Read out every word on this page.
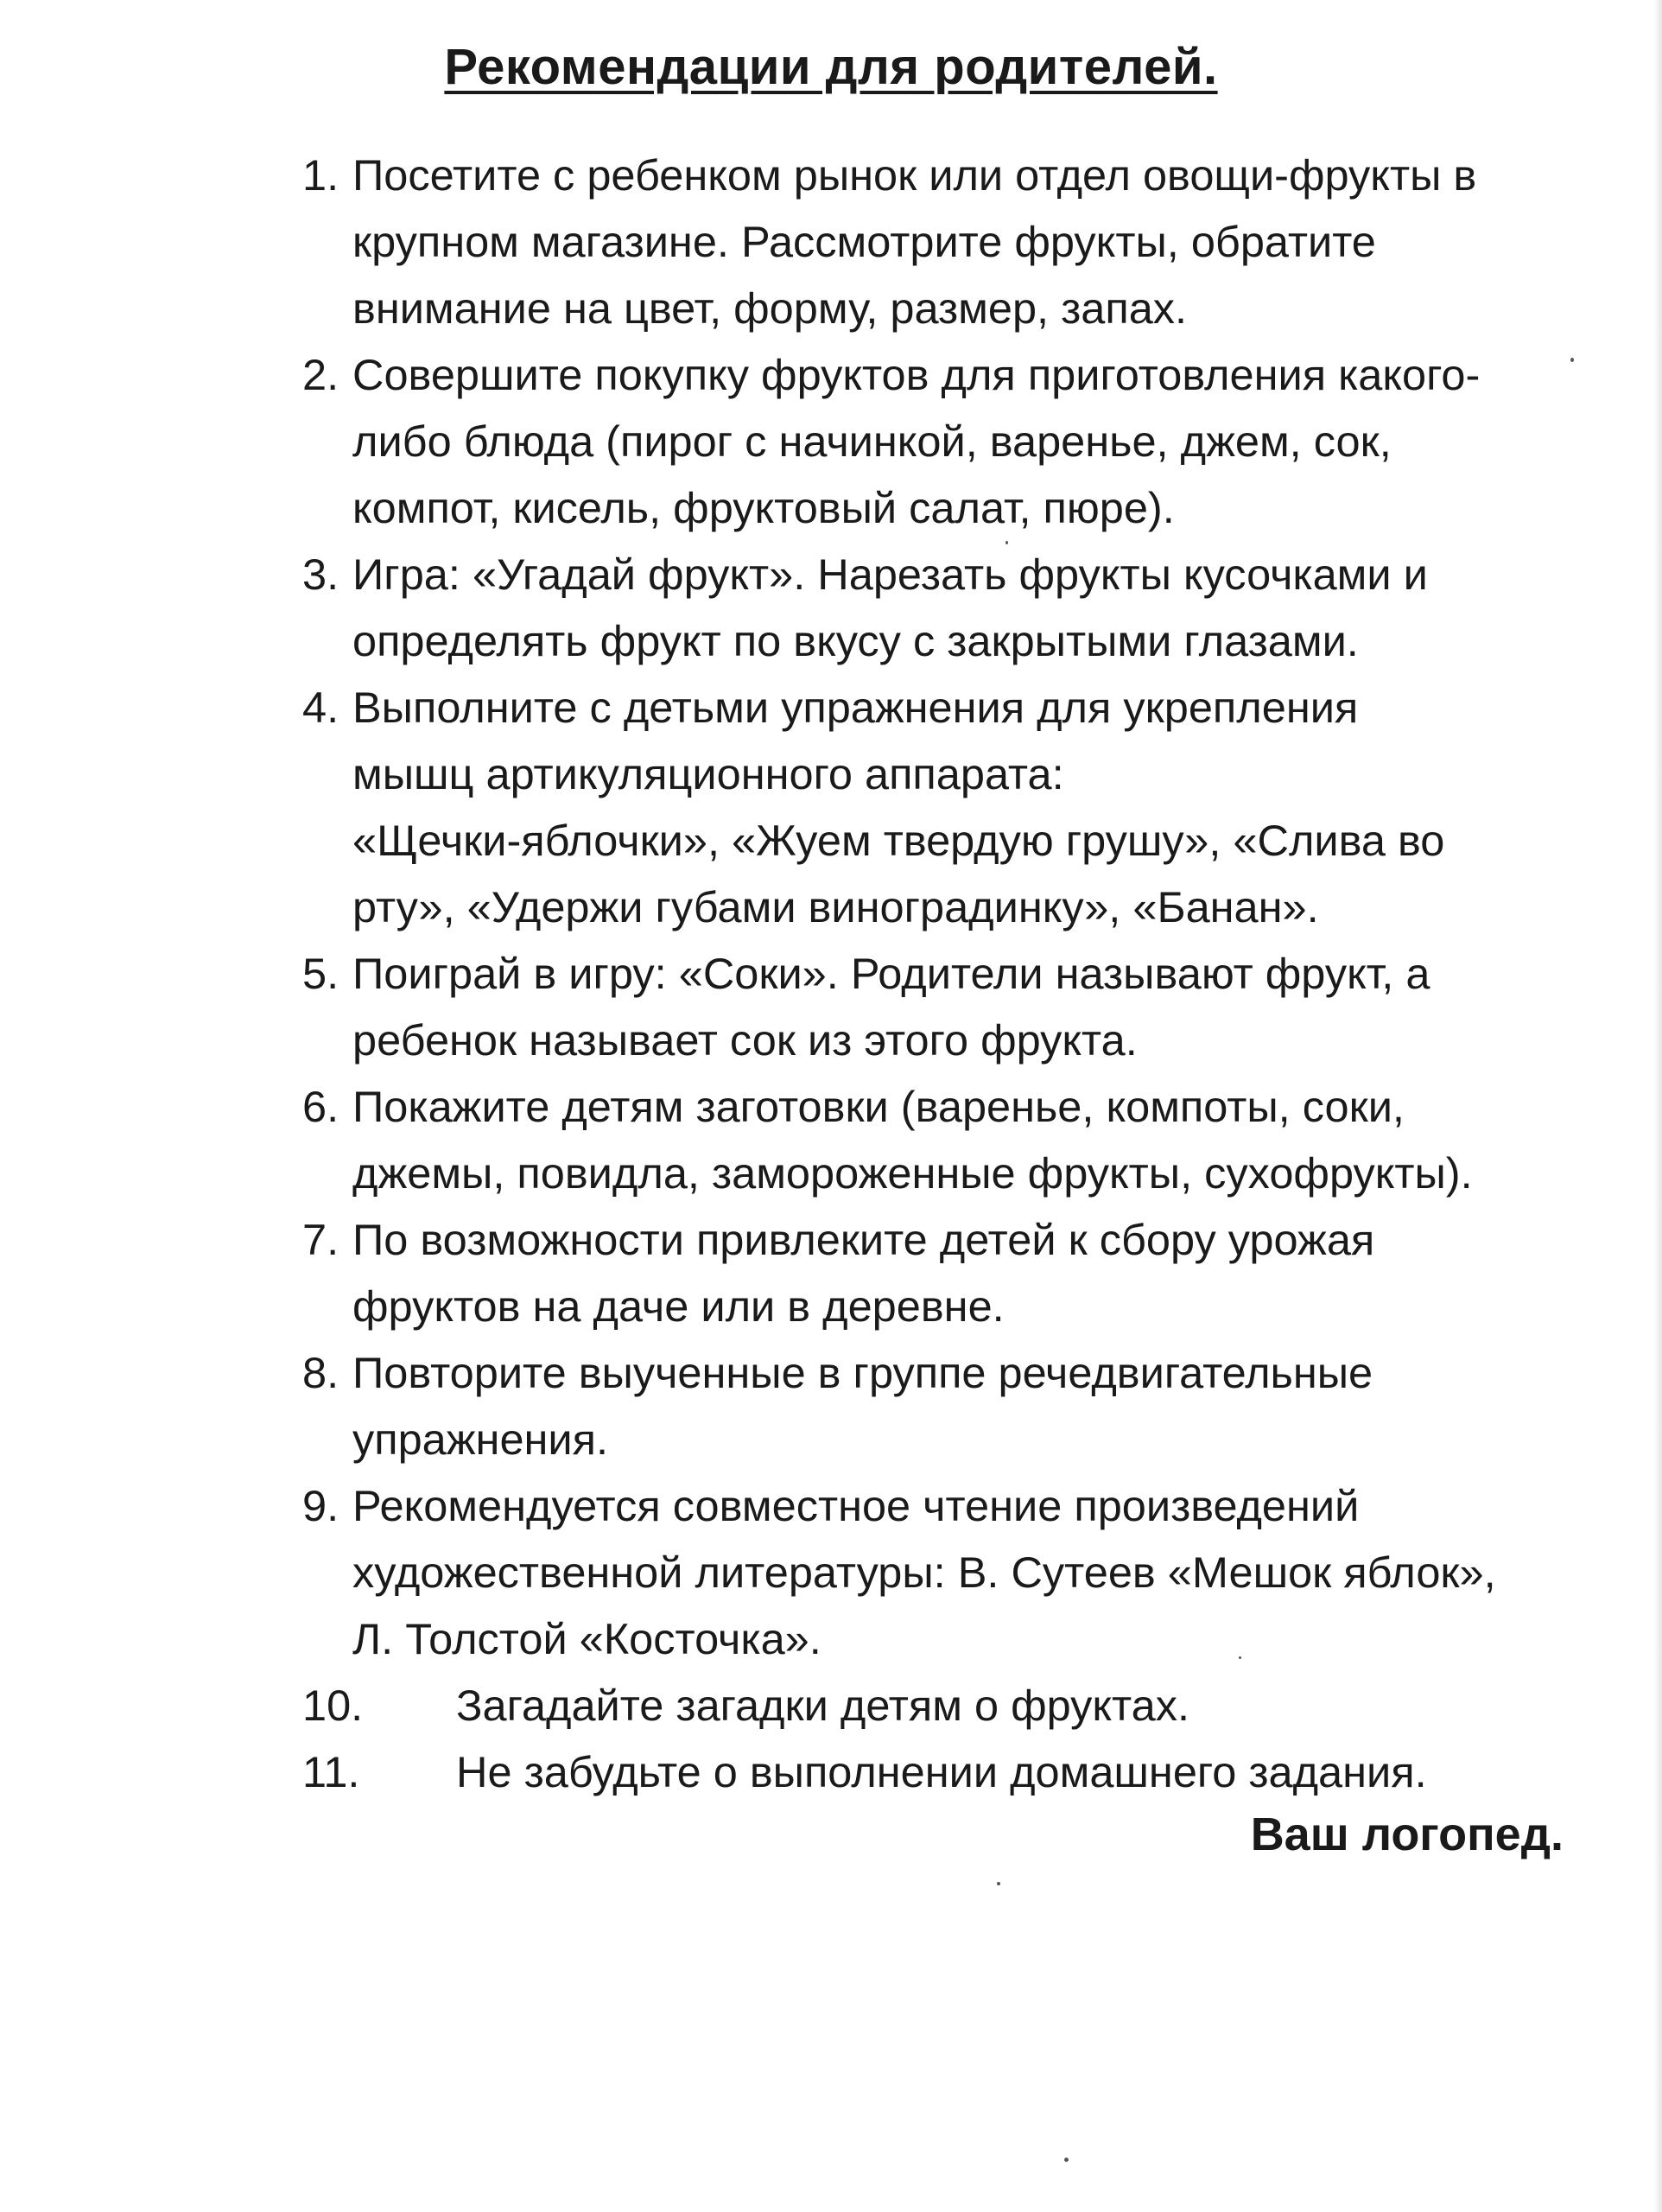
Рекомендации для родителей.
1. Посетите с ребенком рынок или отдел овощи-фрукты в
крупном магазине. Рассмотрите фрукты, обратите
внимание на цвет, форму, размер, запах.
2. Совершите покупку фруктов для приготовления какого-
либо блюда (пирог с начинкой, варенье, джем, сок,
компот, кисель, фруктовый салат, пюре).
3. Игра: «Угадай фрукт». Нарезать фрукты кусочками и
определять фрукт по вкусу с закрытыми глазами.
4. Выполните с детьми упражнения для укрепления
мышц артикуляционного аппарата:
«Щечки-яблочки», «Жуем твердую грушу», «Слива во
рту», «Удержи губами виноградинку», «Банан».
5. Поиграй в игру: «Соки». Родители называют фрукт, а
ребенок называет сок из этого фрукта.
6. Покажите детям заготовки (варенье, компоты, соки,
джемы, повидла, замороженные фрукты, сухофрукты).
7. По возможности привлеките детей к сбору урожая
фруктов на даче или в деревне.
8. Повторите выученные в группе речедвигательные
упражнения.
9. Рекомендуется совместное чтение произведений
художественной литературы: В. Сутеев «Мешок яблок»,
Л. Толстой «Косточка».
10.	Загадайте загадки детям о фруктах.
11.	Не забудьте о выполнении домашнего задания.

Ваш логопед.
